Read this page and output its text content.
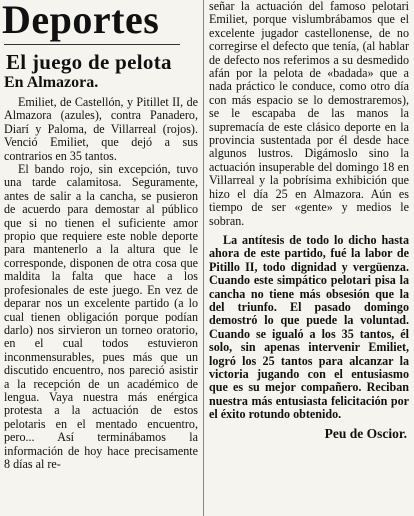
Deportes
El juego de pelota
En Almazora.

Emiliet, de Castellón, y Pitillet II, de Almazora (azules), contra Panadero, Diarí y Paloma, de Villarreal (rojos). Venció Emiliet, que dejó a sus contrarios en 35 tantos.

El bando rojo, sin excepción, tuvo una tarde calamitosa. Seguramente, antes de salir a la cancha, se pusieron de acuerdo para demostar al público que si no tienen el suficiente amor propio que requiere este noble deporte para mantenerlo a la altura que le corresponde, disponen de otra cosa que maldita la falta que hace a los profesionales de este juego. En vez de deparar nos un excelente partido (a lo cual tienen obligación porque podían darlo) nos sirvieron un torneo oratorio, en el cual todos estuvieron inconmensurables, pues más que un discutido encuentro, nos pareció asistir a la recepción de un académico de lengua. Vaya nuestra más enérgica protesta a la actuación de estos pelotaris en el mentado encuentro, pero... Así terminábamos la información de hoy hace precisamente 8 días al re-

señar la actuación del famoso pelotari Emiliet, porque vislumbrábamos que el excelente jugador castellonense, de no corregirse el defecto que tenía, (al hablar de defecto nos referimos a su desmedido afán por la pelota de «badada» que a nada práctico le conduce, como otro día con más espacio se lo demostraremos), se le escapaba de las manos la supremacía de este clásico deporte en la provincia sustentada por él desde hace algunos lustros. Digámoslo sino la actuación insuperable del domingo 18 en Villarreal y la pobrísima exhibición que hizo el día 25 en Almazora. Aún es tiempo de ser «gente» y medios le sobran.

La antítesis de todo lo dicho hasta ahora de este partido, fué la labor de Pitillo II, todo dignidad y vergüenza. Cuando este simpático pelotari pisa la cancha no tiene más obsesión que la del triunfo. El pasado domingo demostró lo que puede la voluntad. Cuando se igualó a los 35 tantos, él solo, sin apenas intervenir Emiliet, logró los 25 tantos para alcanzar la victoria jugando con el entusiasmo que es su mejor compañero. Reciban nuestra más entusiasta felicitación por el éxito rotundo obtenido.

Peu de Oscior.
